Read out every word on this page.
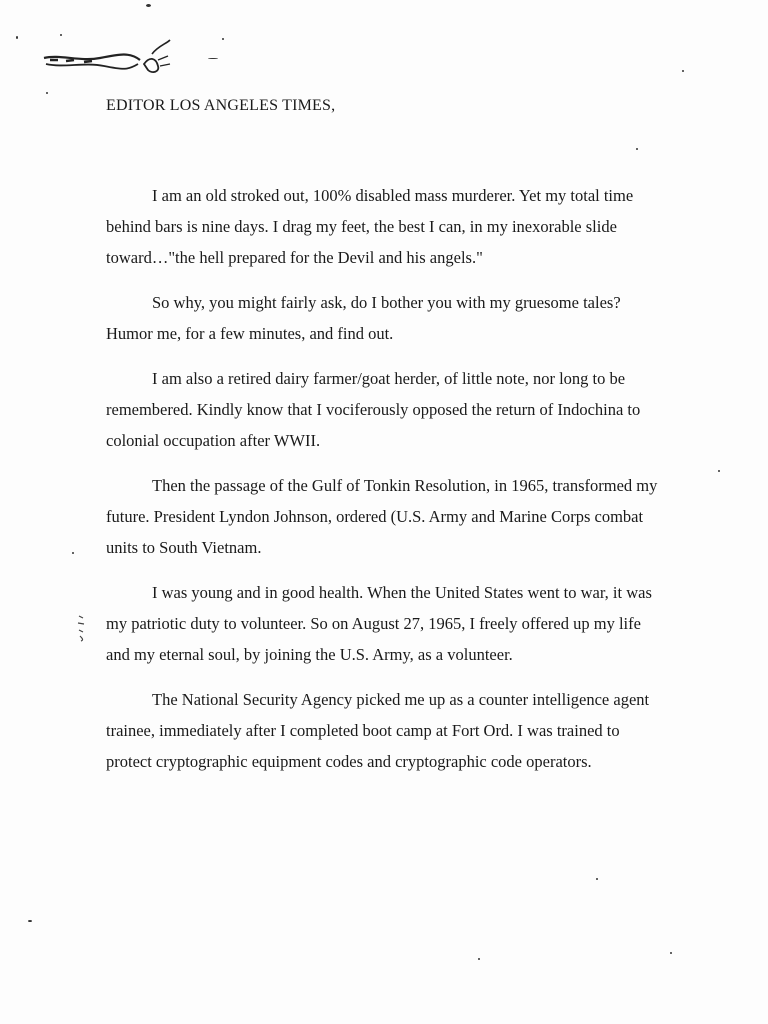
EDITOR LOS ANGELES TIMES,

I am an old stroked out, 100% disabled mass murderer. Yet my total time behind bars is nine days. I drag my feet, the best I can, in my inexorable slide toward…"the hell prepared for the Devil and his angels."

So why, you might fairly ask, do I bother you with my gruesome tales? Humor me, for a few minutes, and find out.

I am also a retired dairy farmer/goat herder, of little note, nor long to be remembered. Kindly know that I vociferously opposed the return of Indochina to colonial occupation after WWII.

Then the passage of the Gulf of Tonkin Resolution, in 1965, transformed my future. President Lyndon Johnson, ordered (U.S. Army and Marine Corps combat units to South Vietnam.

I was young and in good health. When the United States went to war, it was my patriotic duty to volunteer. So on August 27, 1965, I freely offered up my life and my eternal soul, by joining the U.S. Army, as a volunteer.

The National Security Agency picked me up as a counter intelligence agent trainee, immediately after I completed boot camp at Fort Ord. I was trained to protect cryptographic equipment codes and cryptographic code operators.
